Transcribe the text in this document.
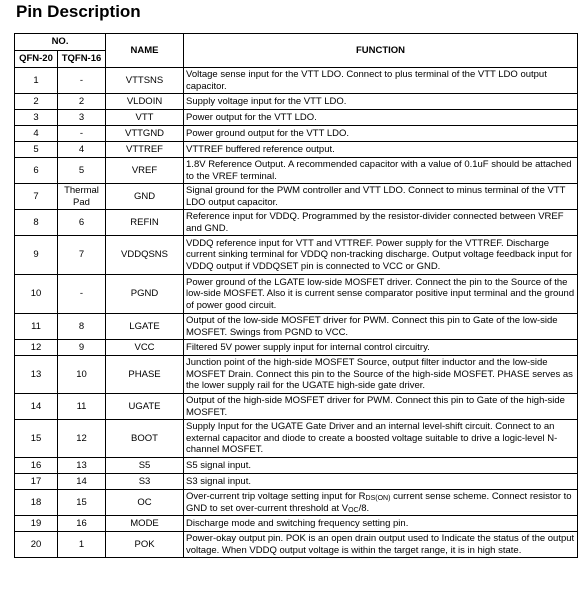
Pin Description
NO.		NAME	FUNCTION
QFN-20	TQFN-16		
1	-	VTTSNS	Voltage sense input for the VTT LDO. Connect to plus terminal of the VTT LDO output capacitor.
2	2	VLDOIN	Supply voltage input for the VTT LDO.
3	3	VTT	Power output for the VTT LDO.
4	-	VTTGND	Power ground output for the VTT LDO.
5	4	VTTREF	VTTREF buffered reference output.
6	5	VREF	1.8V Reference Output. A recommended capacitor with a value of 0.1uF should be attached to the VREF terminal.
7	Thermal Pad	GND	Signal ground for the PWM controller and VTT LDO. Connect to minus terminal of the VTT LDO output capacitor.
8	6	REFIN	Reference input for VDDQ. Programmed by the resistor-divider connected between VREF and GND.
9	7	VDDQSNS	VDDQ reference input for VTT and VTTREF. Power supply for the VTTREF. Discharge current sinking terminal for VDDQ non-tracking discharge. Output voltage feedback input for VDDQ output if VDDQSET pin is connected to VCC or GND.
10	-	PGND	Power ground of the LGATE low-side MOSFET driver. Connect the pin to the Source of the low-side MOSFET. Also it is current sense comparator positive input terminal and the ground of power good circuit.
11	8	LGATE	Output of the low-side MOSFET driver for PWM. Connect this pin to Gate of the low-side MOSFET. Swings from PGND to VCC.
12	9	VCC	Filtered 5V power supply input for internal control circuitry.
13	10	PHASE	Junction point of the high-side MOSFET Source, output filter inductor and the low-side MOSFET Drain. Connect this pin to the Source of the high-side MOSFET. PHASE serves as the lower supply rail for the UGATE high-side gate driver.
14	11	UGATE	Output of the high-side MOSFET driver for PWM. Connect this pin to Gate of the high-side MOSFET.
15	12	BOOT	Supply Input for the UGATE Gate Driver and an internal level-shift circuit. Connect to an external capacitor and diode to create a boosted voltage suitable to drive a logic-level N-channel MOSFET.
16	13	S5	S5 signal input.
17	14	S3	S3 signal input.
18	15	OC	Over-current trip voltage setting input for $R_{DS(ON)}$ current sense scheme. Connect resistor to GND to set over-current threshold at $V_{OC}/8$.
19	16	MODE	Discharge mode and switching frequency setting pin.
20	1	POK	Power-okay output pin. POK is an open drain output used to Indicate the status of the output voltage. When VDDQ output voltage is within the target range, it is in high state.
